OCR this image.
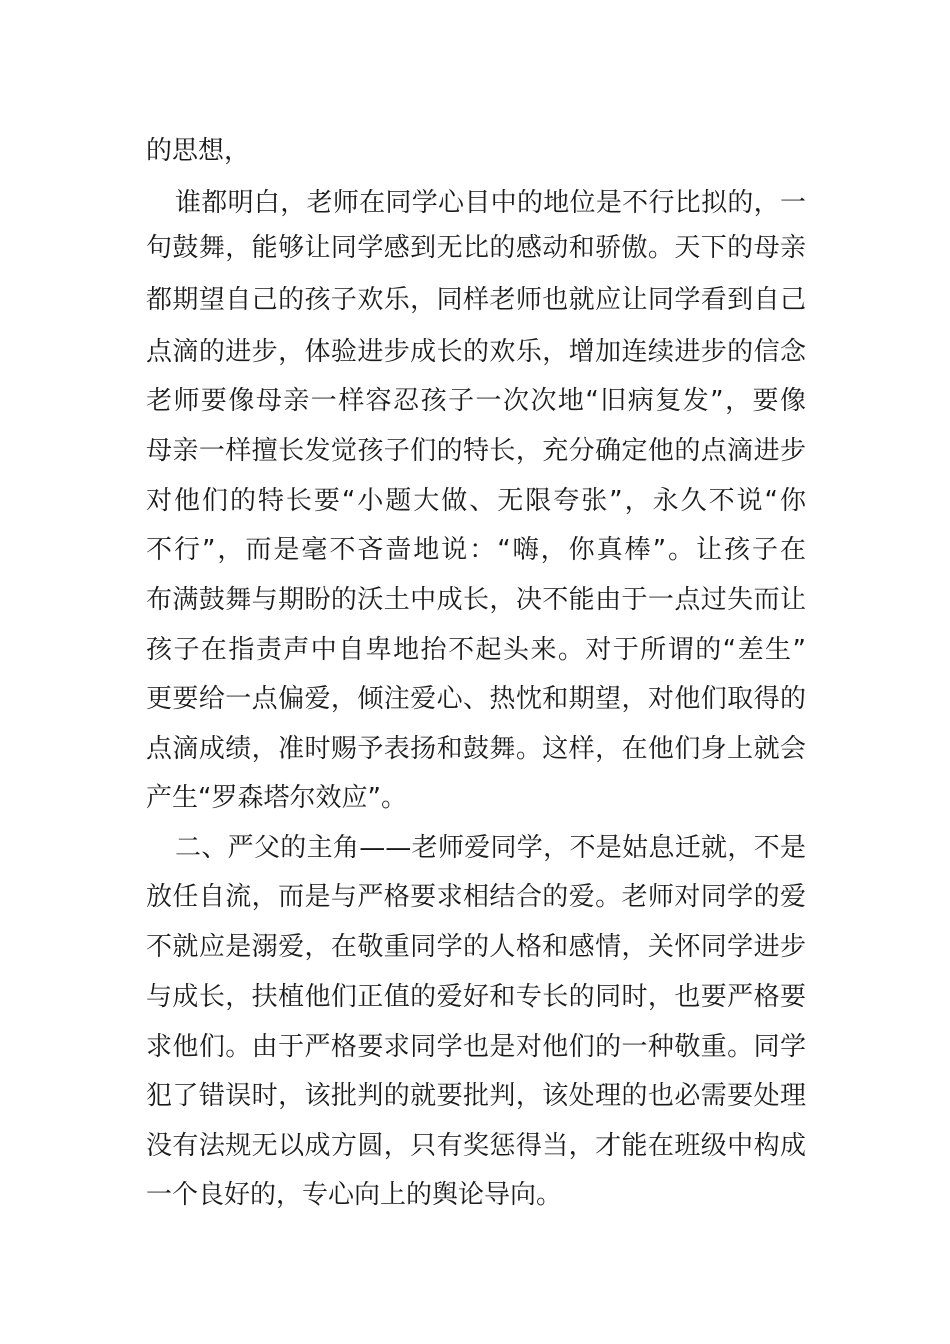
的思想，
谁都明白，老师在同学心目中的地位是不行比拟的，一
句鼓舞，能够让同学感到无比的感动和骄傲。天下的母亲
都期望自己的孩子欢乐，同样老师也就应让同学看到自己
点滴的进步，体验进步成长的欢乐，增加连续进步的信念
老师要像母亲一样容忍孩子一次次地“旧病复发”，要像
母亲一样擅长发觉孩子们的特长，充分确定他的点滴进步
对他们的特长要“小题大做、无限夸张”，永久不说“你
不行”，而是毫不吝啬地说：“嗨，你真棒”。让孩子在
布满鼓舞与期盼的沃土中成长，决不能由于一点过失而让
孩子在指责声中自卑地抬不起头来。对于所谓的“差生”
更要给一点偏爱，倾注爱心、热忱和期望，对他们取得的
点滴成绩，准时赐予表扬和鼓舞。这样，在他们身上就会
产生“罗森塔尔效应”。
二、严父的主角——老师爱同学，不是姑息迁就，不是
放任自流，而是与严格要求相结合的爱。老师对同学的爱
不就应是溺爱，在敬重同学的人格和感情，关怀同学进步
与成长，扶植他们正值的爱好和专长的同时，也要严格要
求他们。由于严格要求同学也是对他们的一种敬重。同学
犯了错误时，该批判的就要批判，该处理的也必需要处理
没有法规无以成方圆，只有奖惩得当，才能在班级中构成
一个良好的，专心向上的舆论导向。
